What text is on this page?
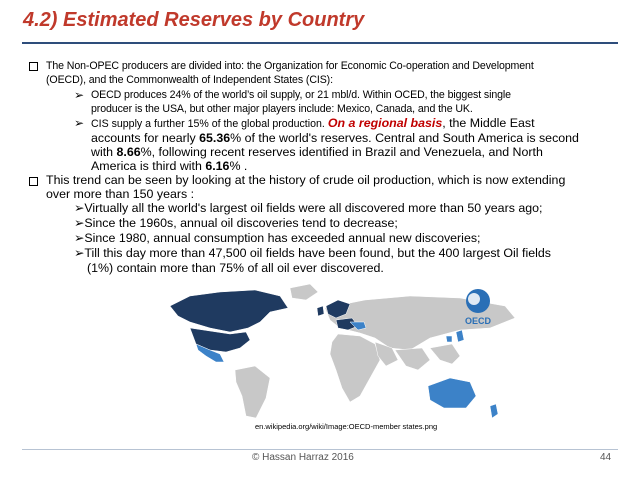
4.2) Estimated Reserves by Country
The Non-OPEC producers are divided into: the Organization for Economic Co-operation and Development
(OECD), and the Commonwealth of Independent States (CIS):
➢ OECD produces 24% of the world’s oil supply, or 21 mbl/d. Within OCED, the biggest single
producer is the USA, but other major players include: Mexico, Canada, and the UK.
➢ CIS supply a further 15% of the global production. On a regional basis, the Middle East
accounts for nearly 65.36% of the world's reserves. Central and South America is second
with 8.66%, following recent reserves identified in Brazil and Venezuela, and North
America is third with 6.16% .
This trend can be seen by looking at the history of crude oil production, which is now extending
over more than 150 years :
➢Virtually all the world's largest oil fields were all discovered more than 50 years ago;
➢Since the 1960s, annual oil discoveries tend to decrease;
➢Since 1980, annual consumption has exceeded annual new discoveries;
➢Till this day more than 47,500 oil fields have been found, but the 400 largest Oil fields
(1%) contain more than 75% of all oil ever discovered.
OECD
en.wikipedia.org/wiki/Image:OECD-member states.png
© Hassan Harraz 2016	44
